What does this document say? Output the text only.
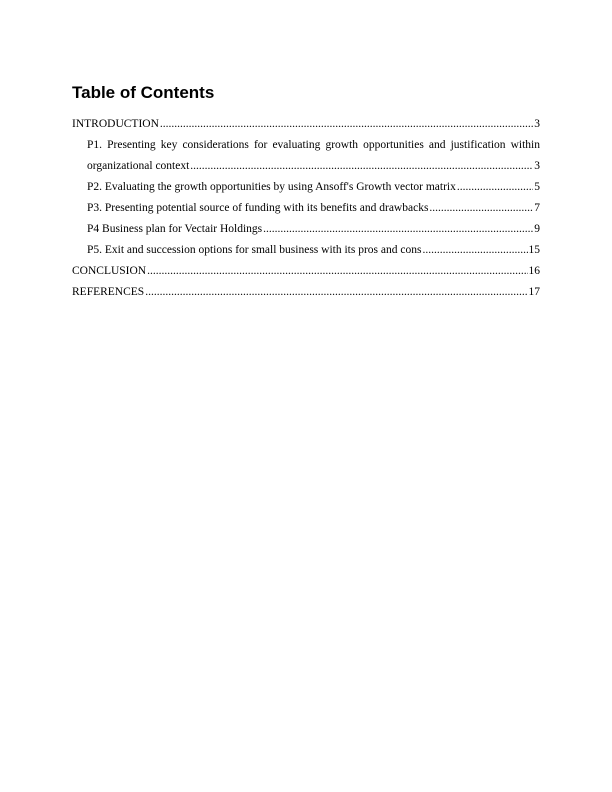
Table of Contents
INTRODUCTION .....	3
P1. Presenting key considerations for evaluating growth opportunities and justification within
organizational context .....	3
P2. Evaluating the growth opportunities by using Ansoff's Growth vector matrix .....	5
P3. Presenting potential source of funding with its benefits and drawbacks .....	7
P4 Business plan for Vectair Holdings .....	9
P5. Exit and succession options for small business with its pros and cons .....	15
CONCLUSION .....	16
REFERENCES .....	17
